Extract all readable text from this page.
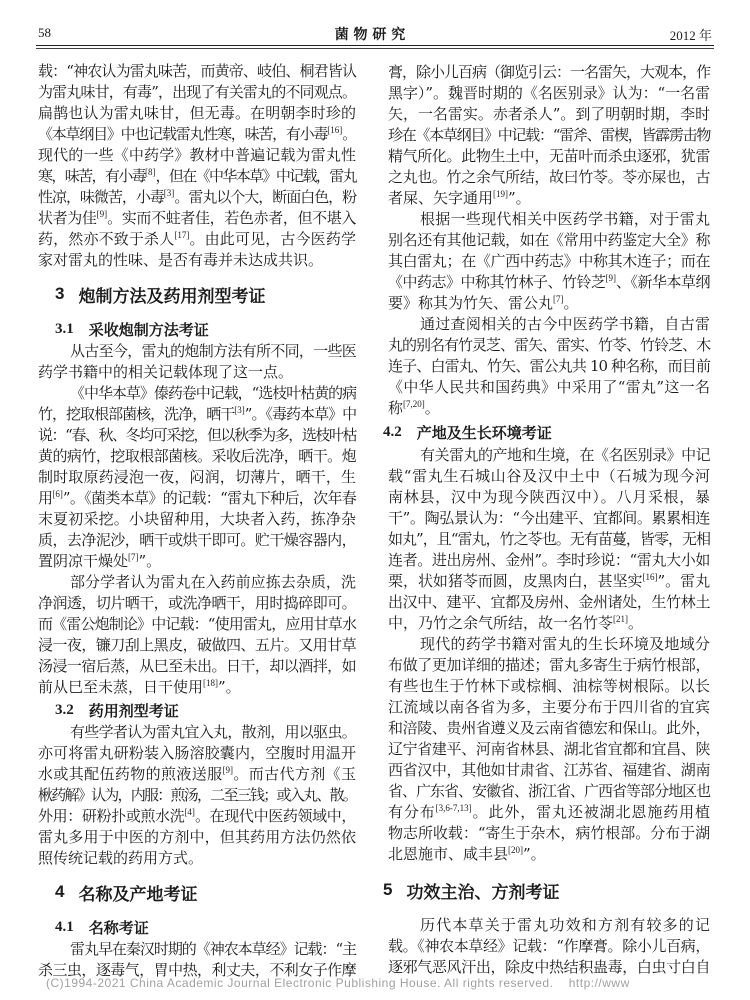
58	菌 物 研 究	2012 年
载：“神农认为雷丸味苦，而黄帝、岐伯、桐君皆认
为雷丸味甘，有毒”，出现了有关雷丸的不同观点。
扁鹊也认为雷丸味甘，但无毒。在明朝李时珍的
《本草纲目》中也记载雷丸性寒，味苦，有小毒[16]。
现代的一些《中药学》教材中普遍记载为雷丸性
寒，味苦，有小毒[8]，但在《中华本草》中记载，雷丸
性凉，味微苦，小毒[3]。雷丸以个大，断面白色，粉
状者为佳[9]。实而不蛀者佳，若色赤者，但不堪入
药，然亦不致于杀人[17]。由此可见，古今医药学
家对雷丸的性味、是否有毒并未达成共识。
3 炮制方法及药用剂型考证
3.1 采收炮制方法考证
从古至今，雷丸的炮制方法有所不同，一些医
药学书籍中的相关记载体现了这一点。
《中华本草》傣药卷中记载，“选枝叶枯黄的病
竹，挖取根部菌核，洗净，晒干[3]”。《毒药本草》中
说：“春、秋、冬均可采挖，但以秋季为多，选枝叶枯
黄的病竹，挖取根部菌核。采收后洗净，晒干。炮
制时取原药浸泡一夜，闷润，切薄片，晒干，生
用[6]”。《菌类本草》的记载：“雷丸下种后，次年春
末夏初采挖。小块留种用，大块者入药，拣净杂
质，去净泥沙，晒干或烘干即可。贮干燥容器内，
置阴凉干燥处[7]”。
部分学者认为雷丸在入药前应拣去杂质，洗
净润透，切片晒干，或洗净晒干，用时捣碎即可。
而《雷公炮制论》中记载：“使用雷丸，应用甘草水
浸一夜，镰刀刮上黑皮，破做四、五片。又用甘草
汤浸一宿后蒸，从巳至未出。日干，却以酒拌，如
前从巳至未蒸，日干使用[18]”。
3.2 药用剂型考证
有些学者认为雷丸宜入丸，散剂，用以驱虫。
亦可将雷丸研粉装入肠溶胶囊内，空腹时用温开
水或其配伍药物的煎液送服[9]。而古代方剂《玉
楸药解》认为，内服：煎汤，二至三钱；或入丸、散。
外用：研粉扑或煎水洗[4]。在现代中医药领域中，
雷丸多用于中医的方剂中，但其药用方法仍然依
照传统记载的药用方式。
4 名称及产地考证
4.1 名称考证
雷丸早在秦汉时期的《神农本草经》记载：“主
杀三虫，逐毒气，胃中热，利丈夫，不利女子作摩
膏，除小儿百病（御览引云：一名雷矢，大观本，作
黑字）”。魏晋时期的《名医别录》认为：“一名雷
矢，一名雷实。赤者杀人”。到了明朝时期，李时
珍在《本草纲目》中记载：“雷斧、雷楔，皆霹雳击物
精气所化。此物生土中，无苗叶而杀虫逐邪，犹雷
之丸也。竹之余气所结，故曰竹苓。苓亦屎也，古
者屎、矢字通用[19]”。
根据一些现代相关中医药学书籍，对于雷丸
别名还有其他记载，如在《常用中药鉴定大全》称
其白雷丸；在《广西中药志》中称其木连子；而在
《中药志》中称其竹林子、竹铃芝[9]、《新华本草纲
要》称其为竹矢、雷公丸[7]。
通过查阅相关的古今中医药学书籍，自古雷
丸的别名有竹灵芝、雷矢、雷实、竹苓、竹铃芝、木
连子、白雷丸、竹矢、雷公丸共 10 种名称，而目前
《中华人民共和国药典》中采用了“雷丸”这一名
称[7,20]。
4.2 产地及生长环境考证
有关雷丸的产地和生境，在《名医别录》中记
载“雷丸生石城山谷及汉中土中（石城为现今河
南林县，汉中为现今陕西汉中）。八月采根，暴
干”。陶弘景认为：“今出建平、宜都间。累累相连
如丸”，且“雷丸，竹之苓也。无有苗蔓，皆零，无相
连者。进出房州、金州”。李时珍说：“雷丸大小如
栗，状如猪苓而圆，皮黑肉白，甚坚实[16]”。雷丸
出汉中、建平、宜都及房州、金州诸处，生竹林土
中，乃竹之余气所结，故一名竹苓[21]。
现代的药学书籍对雷丸的生长环境及地域分
布做了更加详细的描述；雷丸多寄生于病竹根部，
有些也生于竹林下或棕榈、油棕等树根际。以长
江流域以南各省为多，主要分布于四川省的宜宾
和涪陵、贵州省遵义及云南省德宏和保山。此外，
辽宁省建平、河南省林县、湖北省宜都和宜昌、陕
西省汉中，其他如甘肃省、江苏省、福建省、湖南
省、广东省、安徽省、浙江省、广西省等部分地区也
有分布[3,6-7,13]。此外，雷丸还被湖北恩施药用植
物志所收载：“寄生于杂木，病竹根部。分布于湖
北恩施市、咸丰县[20]”。
5 功效主治、方剂考证
历代本草关于雷丸功效和方剂有较多的记
载。《神农本草经》记载：“作摩膏。除小儿百病，
逐邪气恶风汗出，除皮中热结积蛊毒，白虫寸白自
(C)1994-2021 China Academic Journal Electronic Publishing House. All rights reserved.    http://www
